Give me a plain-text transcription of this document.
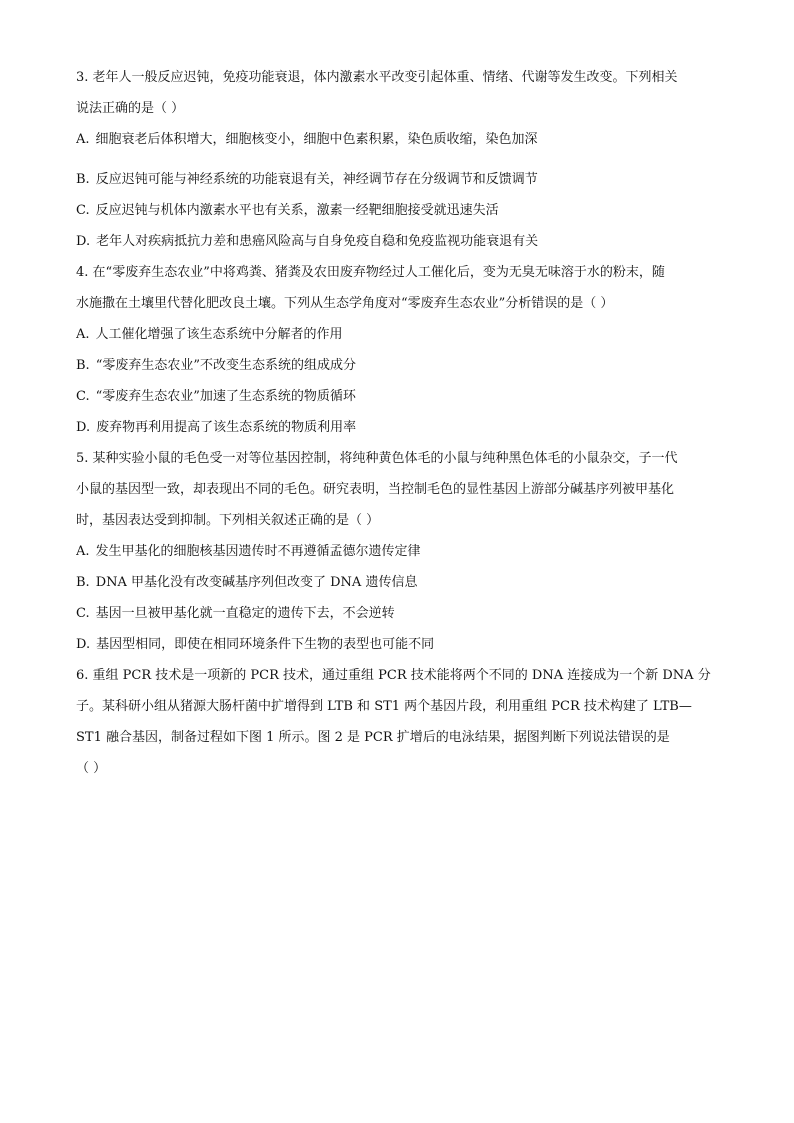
3. 老年人一般反应迟钝，免疫功能衰退，体内激素水平改变引起体重、情绪、代谢等发生改变。下列相关
说法正确的是（ ）
A. 细胞衰老后体积增大，细胞核变小，细胞中色素积累，染色质收缩，染色加深
B. 反应迟钝可能与神经系统的功能衰退有关，神经调节存在分级调节和反馈调节
C. 反应迟钝与机体内激素水平也有关系，激素一经靶细胞接受就迅速失活
D. 老年人对疾病抵抗力差和患癌风险高与自身免疫自稳和免疫监视功能衰退有关
4. 在“零废弃生态农业”中将鸡粪、猪粪及农田废弃物经过人工催化后，变为无臭无味溶于水的粉末，随
水施撒在土壤里代替化肥改良土壤。下列从生态学角度对“零废弃生态农业”分析错误的是（ ）
A. 人工催化增强了该生态系统中分解者的作用
B. “零废弃生态农业”不改变生态系统的组成成分
C. “零废弃生态农业”加速了生态系统的物质循环
D. 废弃物再利用提高了该生态系统的物质利用率
5. 某种实验小鼠的毛色受一对等位基因控制，将纯种黄色体毛的小鼠与纯种黑色体毛的小鼠杂交，子一代
小鼠的基因型一致，却表现出不同的毛色。研究表明，当控制毛色的显性基因上游部分碱基序列被甲基化
时，基因表达受到抑制。下列相关叙述正确的是（ ）
A. 发生甲基化的细胞核基因遗传时不再遵循孟德尔遗传定律
B. DNA 甲基化没有改变碱基序列但改变了 DNA 遗传信息
C. 基因一旦被甲基化就一直稳定的遗传下去，不会逆转
D. 基因型相同，即使在相同环境条件下生物的表型也可能不同
6. 重组 PCR 技术是一项新的 PCR 技术，通过重组 PCR 技术能将两个不同的 DNA 连接成为一个新 DNA 分
子。某科研小组从猪源大肠杆菌中扩增得到 LTB 和 ST1 两个基因片段，利用重组 PCR 技术构建了 LTB—
ST1 融合基因，制备过程如下图 1 所示。图 2 是 PCR 扩增后的电泳结果，据图判断下列说法错误的是
（ ）
